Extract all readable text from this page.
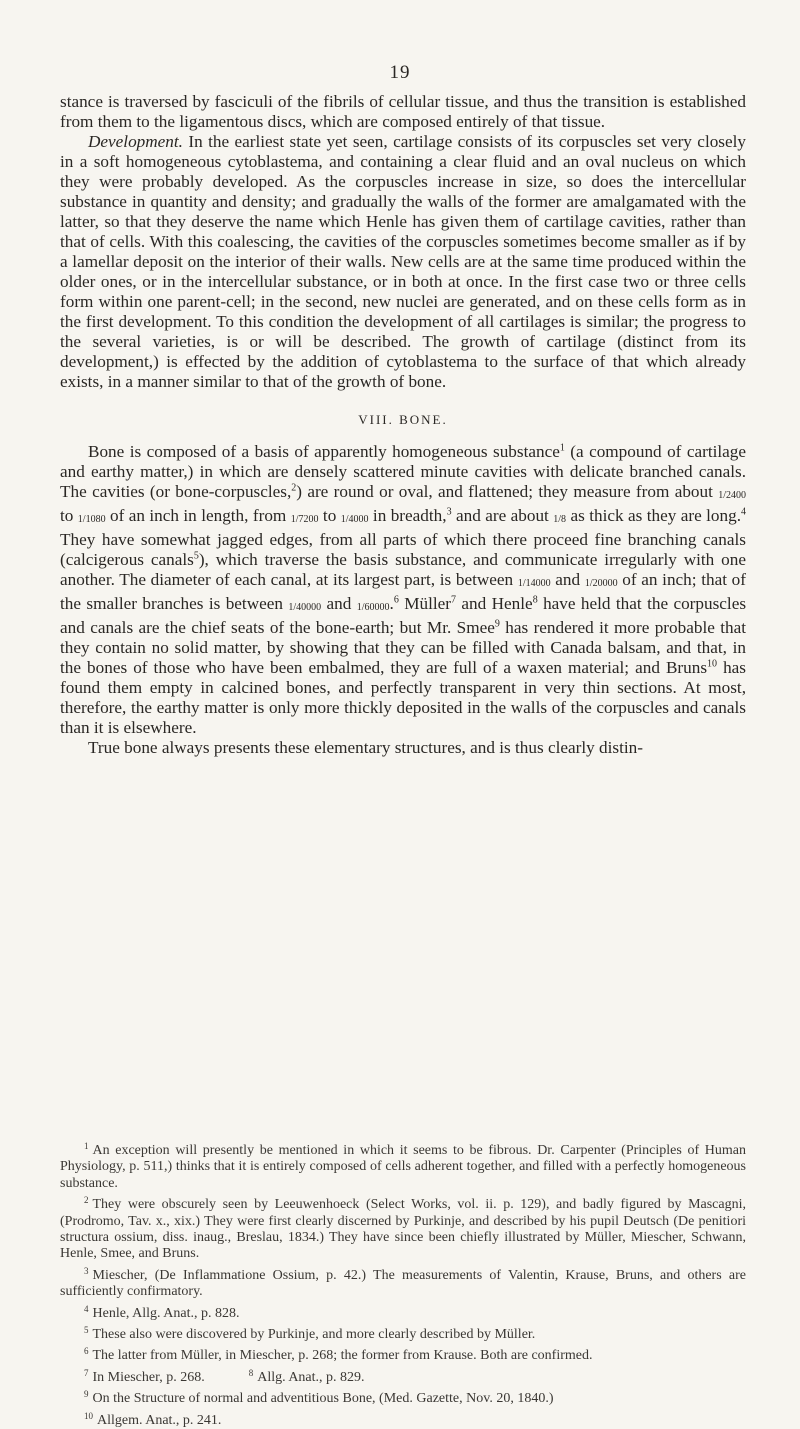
19

stance is traversed by fasciculi of the fibrils of cellular tissue, and thus the transition is established from them to the ligamentous discs, which are composed entirely of that tissue.

Development. In the earliest state yet seen, cartilage consists of its corpuscles set very closely in a soft homogeneous cytoblastema, and containing a clear fluid and an oval nucleus on which they were probably developed. As the corpuscles increase in size, so does the intercellular substance in quantity and density; and gradually the walls of the former are amalgamated with the latter, so that they deserve the name which Henle has given them of cartilage cavities, rather than that of cells. With this coalescing, the cavities of the corpuscles sometimes become smaller as if by a lamellar deposit on the interior of their walls. New cells are at the same time produced within the older ones, or in the intercellular substance, or in both at once. In the first case two or three cells form within one parent-cell; in the second, new nuclei are generated, and on these cells form as in the first development. To this condition the development of all cartilages is similar; the progress to the several varieties, is or will be described. The growth of cartilage (distinct from its development,) is effected by the addition of cytoblastema to the surface of that which already exists, in a manner similar to that of the growth of bone.

VIII. BONE.

Bone is composed of a basis of apparently homogeneous substance$^1$ (a compound of cartilage and earthy matter,) in which are densely scattered minute cavities with delicate branched canals. The cavities (or bone-corpuscles,$^2$) are round or oval, and flattened; they measure from about 1/2400 to 1/1080 of an inch in length, from 1/7200 to 1/4000 in breadth,$^3$ and are about 1/8 as thick as they are long.$^4$ They have somewhat jagged edges, from all parts of which there proceed fine branching canals (calcigerous canals$^5$), which traverse the basis substance, and communicate irregularly with one another. The diameter of each canal, at its largest part, is between 1/14000 and 1/20000 of an inch; that of the smaller branches is between 1/40000 and 1/60000.$^6$ Müller$^7$ and Henle$^8$ have held that the corpuscles and canals are the chief seats of the bone-earth; but Mr. Smee$^9$ has rendered it more probable that they contain no solid matter, by showing that they can be filled with Canada balsam, and that, in the bones of those who have been embalmed, they are full of a waxen material; and Bruns$^{10}$ has found them empty in calcined bones, and perfectly transparent in very thin sections. At most, therefore, the earthy matter is only more thickly deposited in the walls of the corpuscles and canals than it is elsewhere.

True bone always presents these elementary structures, and is thus clearly distin-

$^1$ An exception will presently be mentioned in which it seems to be fibrous. Dr. Carpenter (Principles of Human Physiology, p. 511,) thinks that it is entirely composed of cells adherent together, and filled with a perfectly homogeneous substance.

$^2$ They were obscurely seen by Leeuwenhoeck (Select Works, vol. ii. p. 129), and badly figured by Mascagni, (Prodromo, Tav. x., xix.) They were first clearly discerned by Purkinje, and described by his pupil Deutsch (De penitiori structura ossium, diss. inaug., Breslau, 1834.) They have since been chiefly illustrated by Müller, Miescher, Schwann, Henle, Smee, and Bruns.

$^3$ Miescher, (De Inflammatione Ossium, p. 42.) The measurements of Valentin, Krause, Bruns, and others are sufficiently confirmatory.

$^4$ Henle, Allg. Anat., p. 828.

$^5$ These also were discovered by Purkinje, and more clearly described by Müller.

$^6$ The latter from Müller, in Miescher, p. 268; the former from Krause. Both are confirmed.

$^7$ In Miescher, p. 268.	$^8$ Allg. Anat., p. 829.

$^9$ On the Structure of normal and adventitious Bone, (Med. Gazette, Nov. 20, 1840.)

$^{10}$ Allgem. Anat., p. 241.
